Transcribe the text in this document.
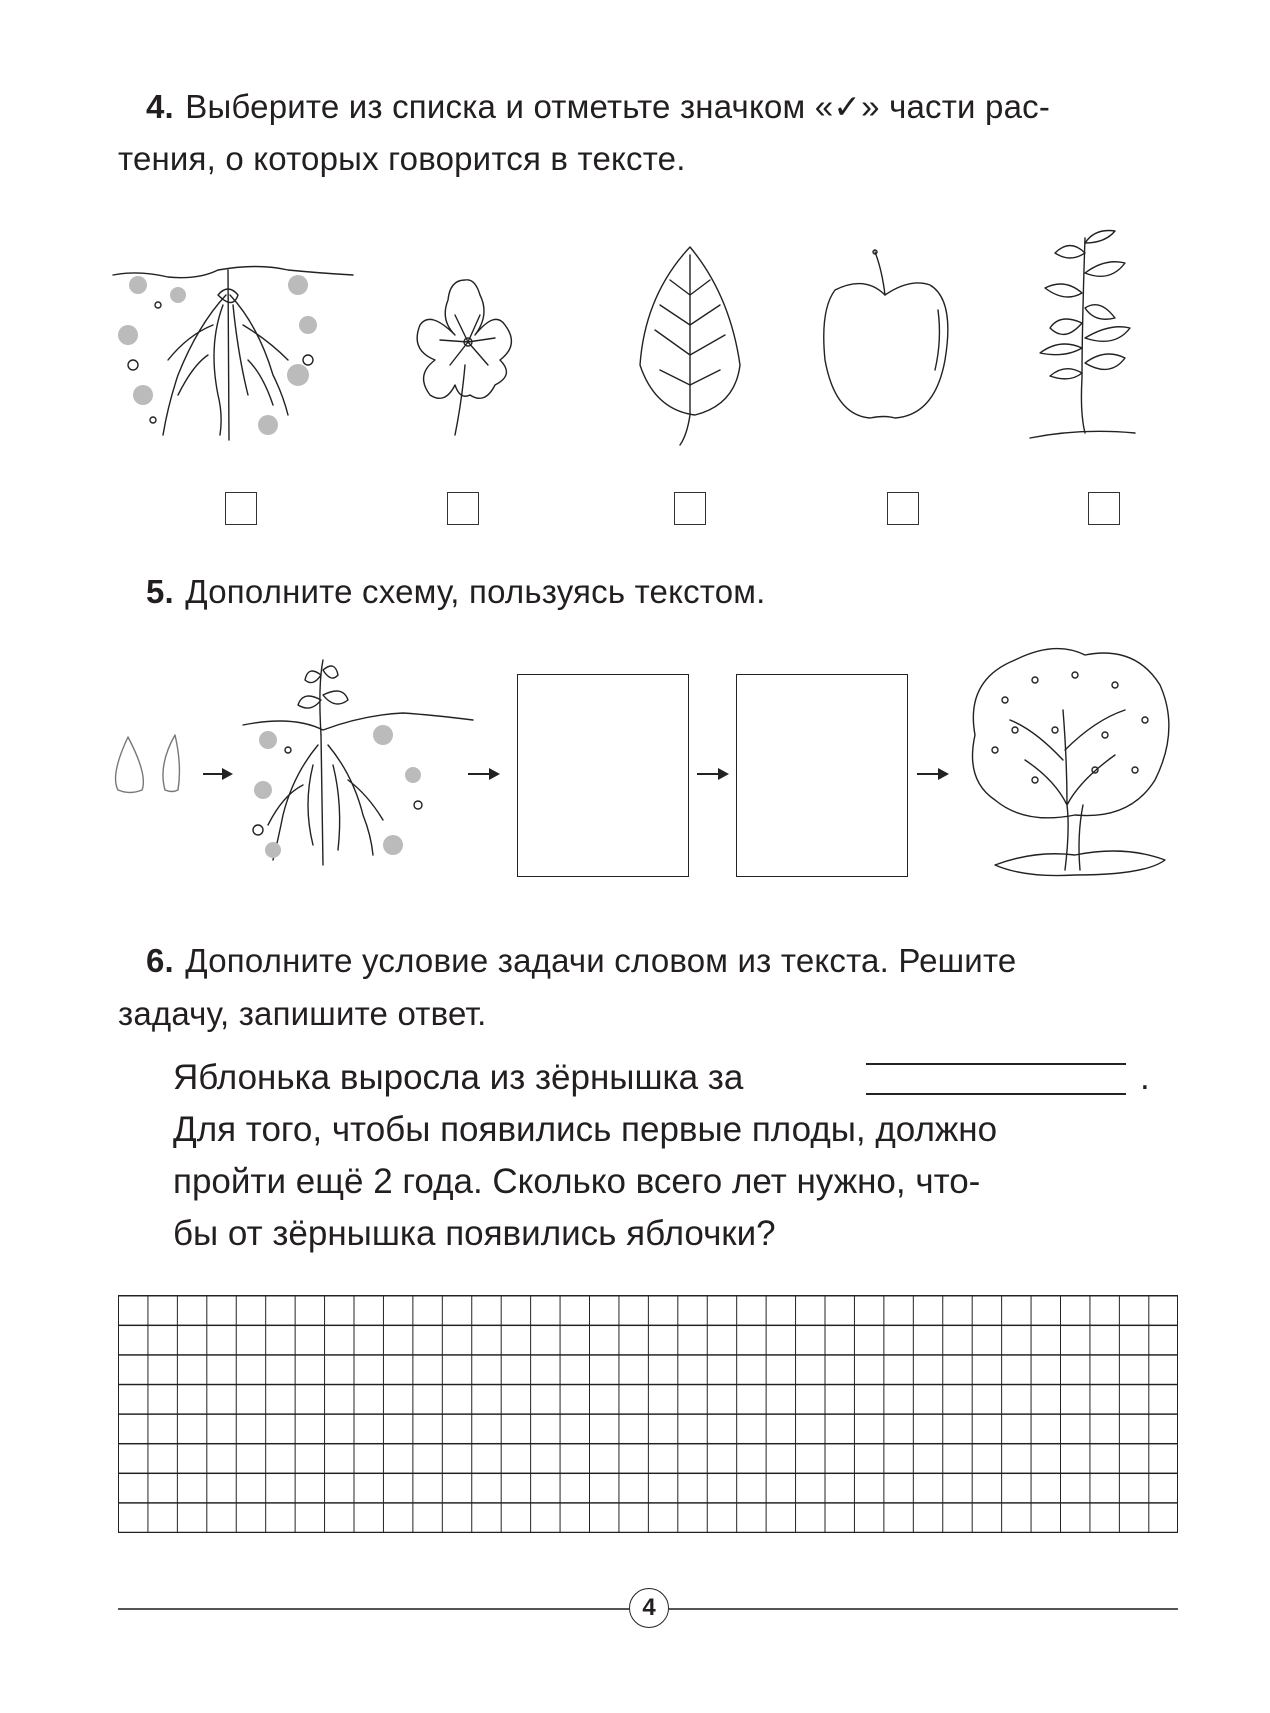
4. Выберите из списка и отметьте значком «✓» части рас-
тения, о которых говорится в тексте.
5. Дополните схему, пользуясь текстом.
6. Дополните условие задачи словом из текста. Решите
задачу, запишите ответ.
Яблонька выросла из зёрнышка за	.
Для того, чтобы появились первые плоды, должно
пройти ещё 2 года. Сколько всего лет нужно, что-
бы от зёрнышка появились яблочки?
4
